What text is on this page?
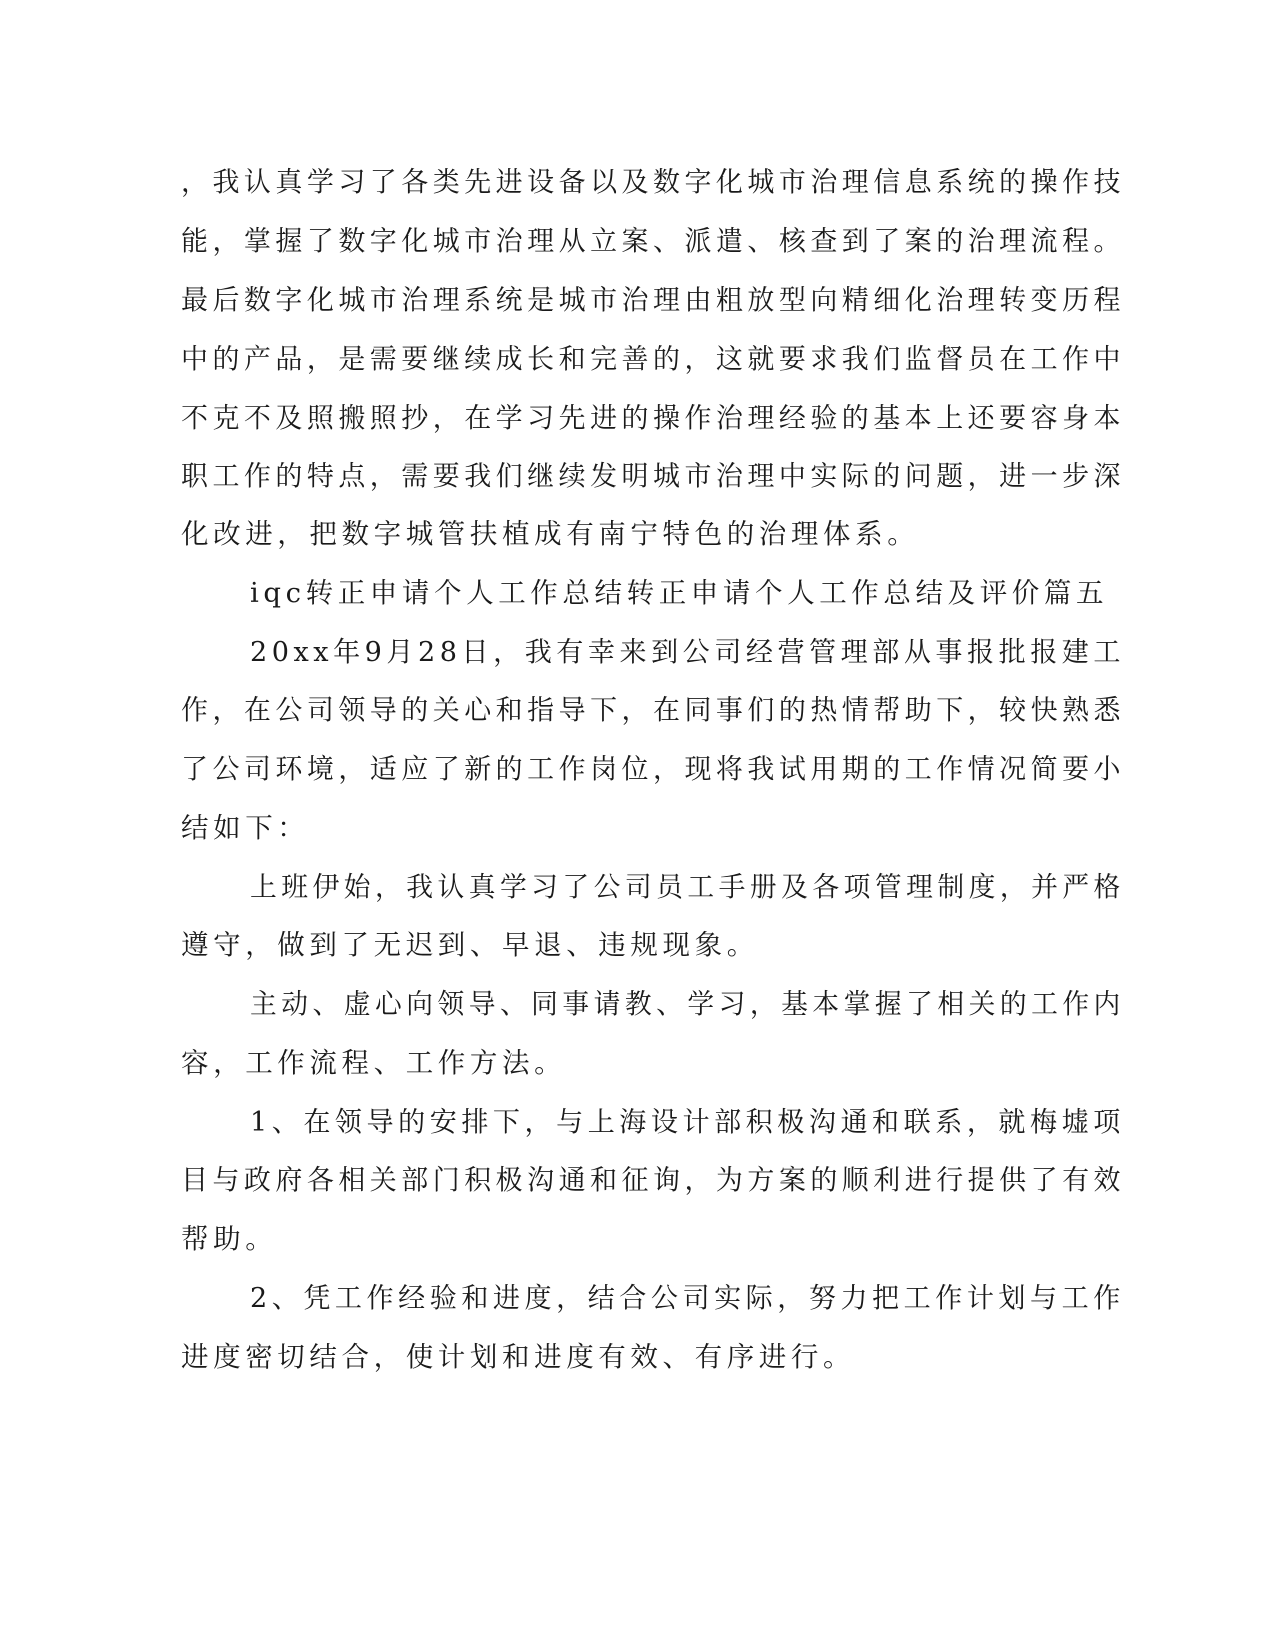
，我认真学习了各类先进设备以及数字化城市治理信息系统的操作技
能，掌握了数字化城市治理从立案、派遣、核查到了案的治理流程。
最后数字化城市治理系统是城市治理由粗放型向精细化治理转变历程
中的产品，是需要继续成长和完善的，这就要求我们监督员在工作中
不克不及照搬照抄，在学习先进的操作治理经验的基本上还要容身本
职工作的特点，需要我们继续发明城市治理中实际的问题，进一步深
化改进，把数字城管扶植成有南宁特色的治理体系。
iqc转正申请个人工作总结转正申请个人工作总结及评价篇五
20xx年9月28日，我有幸来到公司经营管理部从事报批报建工
作，在公司领导的关心和指导下，在同事们的热情帮助下，较快熟悉
了公司环境，适应了新的工作岗位，现将我试用期的工作情况简要小
结如下：
上班伊始，我认真学习了公司员工手册及各项管理制度，并严格
遵守，做到了无迟到、早退、违规现象。
主动、虚心向领导、同事请教、学习，基本掌握了相关的工作内
容，工作流程、工作方法。
1、在领导的安排下，与上海设计部积极沟通和联系，就梅墟项
目与政府各相关部门积极沟通和征询，为方案的顺利进行提供了有效
帮助。
2、凭工作经验和进度，结合公司实际，努力把工作计划与工作
进度密切结合，使计划和进度有效、有序进行。
